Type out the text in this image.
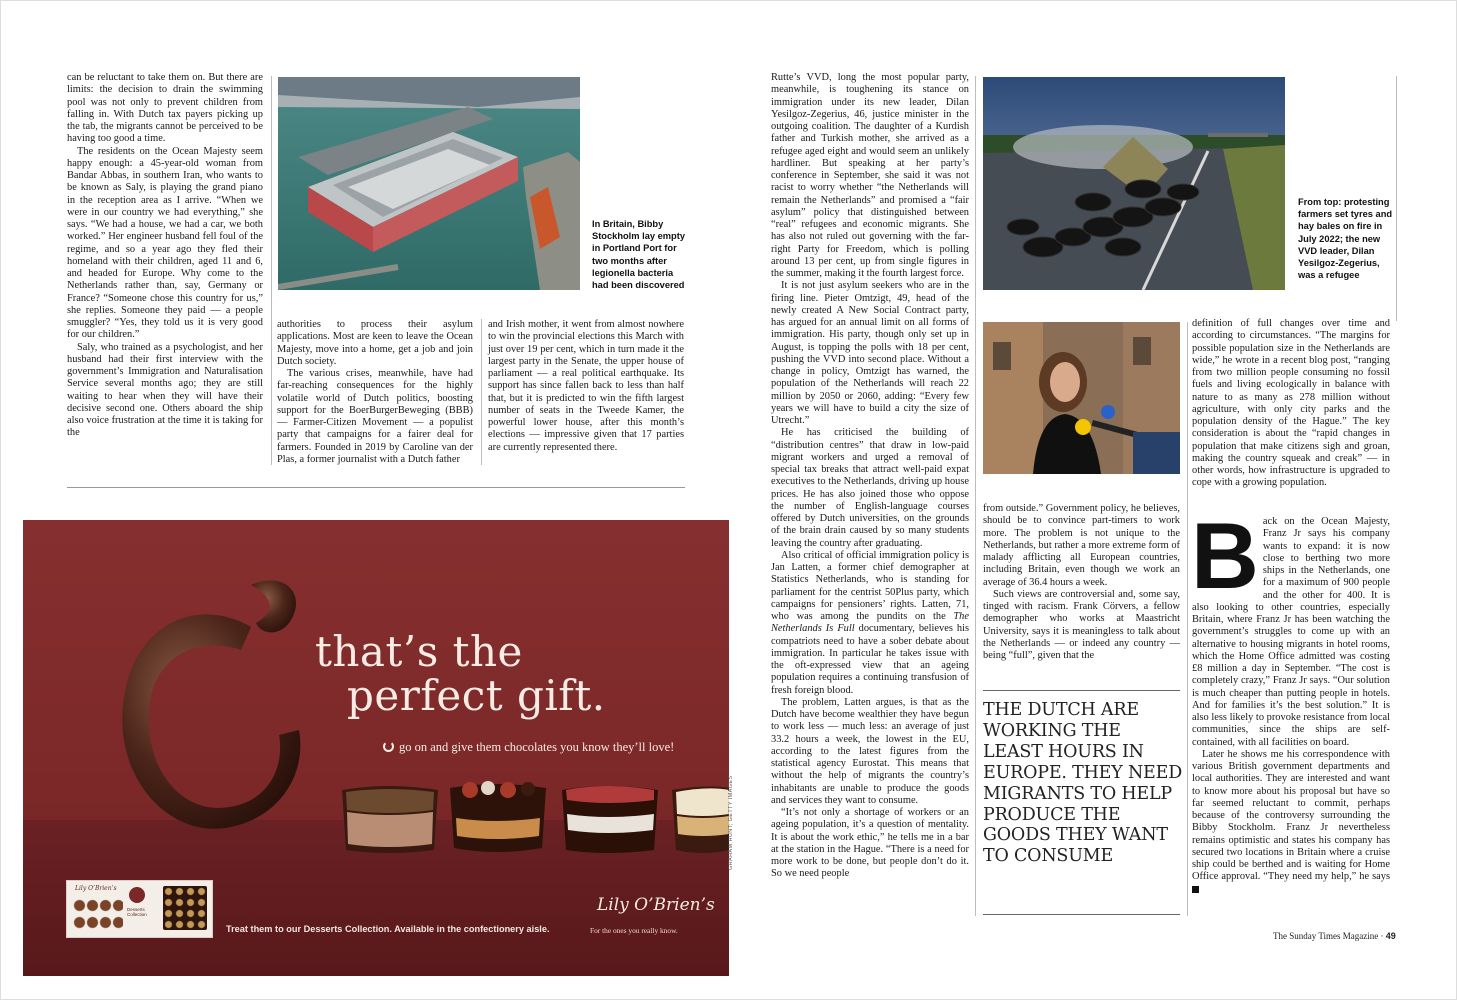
can be reluctant to take them on. But there are limits: the decision to drain the swimming pool was not only to prevent children from falling in. With Dutch tax payers picking up the tab, the migrants cannot be perceived to be having too good a time.

The residents on the Ocean Majesty seem happy enough: a 45-year-old woman from Bandar Abbas, in southern Iran, who wants to be known as Saly, is playing the grand piano in the reception area as I arrive. “When we were in our country we had everything,” she says. “We had a house, we had a car, we both worked.” Her engineer husband fell foul of the regime, and so a year ago they fled their homeland with their children, aged 11 and 6, and headed for Europe. Why come to the Netherlands rather than, say, Germany or France? “Someone chose this country for us,” she replies. Someone they paid — a people smuggler? “Yes, they told us it is very good for our children.”

Saly, who trained as a psychologist, and her husband had their first interview with the government’s Immigration and Naturalisation Service several months ago; they are still waiting to hear when they will have their decisive second one. Others aboard the ship also voice frustration at the time it is taking for the

In Britain, Bibby Stockholm lay empty in Portland Port for two months after legionella bacteria had been discovered

authorities to process their asylum applications. Most are keen to leave the Ocean Majesty, move into a home, get a job and join Dutch society.

The various crises, meanwhile, have had far-reaching consequences for the highly volatile world of Dutch politics, boosting support for the BoerBurgerBeweging (BBB) — Farmer-Citizen Movement — a populist party that campaigns for a fairer deal for farmers. Founded in 2019 by Caroline van der Plas, a former journalist with a Dutch father

and Irish mother, it went from almost nowhere to win the provincial elections this March with just over 19 per cent, which in turn made it the largest party in the Senate, the upper house of parliament — a real political earthquake. Its support has since fallen back to less than half that, but it is predicted to win the fifth largest number of seats in the Tweede Kamer, the powerful lower house, after this month’s elections — impressive given that 17 parties are currently represented there.

that’s the
perfect gift.
go on and give them chocolates you know they’ll love!
Lily O’Brien’s
Desserts Collection
Treat them to our Desserts Collection. Available in the confectionery aisle.
Lily O’Brien’s
For the ones you really know.
GRAHAM HUNT; GETTY IMAGES

Rutte’s VVD, long the most popular party, meanwhile, is toughening its stance on immigration under its new leader, Dilan Yesilgoz-Zegerius, 46, justice minister in the outgoing coalition. The daughter of a Kurdish father and Turkish mother, she arrived as a refugee aged eight and would seem an unlikely hardliner. But speaking at her party’s conference in September, she said it was not racist to worry whether “the Netherlands will remain the Netherlands” and promised a “fair asylum” policy that distinguished between “real” refugees and economic migrants. She has also not ruled out governing with the far-right Party for Freedom, which is polling around 13 per cent, up from single figures in the summer, making it the fourth largest force.

It is not just asylum seekers who are in the firing line. Pieter Omtzigt, 49, head of the newly created A New Social Contract party, has argued for an annual limit on all forms of immigration. His party, though only set up in August, is topping the polls with 18 per cent, pushing the VVD into second place. Without a change in policy, Omtzigt has warned, the population of the Netherlands will reach 22 million by 2050 or 2060, adding: “Every few years we will have to build a city the size of Utrecht.”

He has criticised the building of “distribution centres” that draw in low-paid migrant workers and urged a removal of special tax breaks that attract well-paid expat executives to the Netherlands, driving up house prices. He has also joined those who oppose the number of English-language courses offered by Dutch universities, on the grounds of the brain drain caused by so many students leaving the country after graduating.

Also critical of official immigration policy is Jan Latten, a former chief demographer at Statistics Netherlands, who is standing for parliament for the centrist 50Plus party, which campaigns for pensioners’ rights. Latten, 71, who was among the pundits on the The Netherlands Is Full documentary, believes his compatriots need to have a sober debate about immigration. In particular he takes issue with the oft-expressed view that an ageing population requires a continuing transfusion of fresh foreign blood.

The problem, Latten argues, is that as the Dutch have become wealthier they have begun to work less — much less: an average of just 33.2 hours a week, the lowest in the EU, according to the latest figures from the statistical agency Eurostat. This means that without the help of migrants the country’s inhabitants are unable to produce the goods and services they want to consume.

“It’s not only a shortage of workers or an ageing population, it’s a question of mentality. It is about the work ethic,” he tells me in a bar at the station in the Hague. “There is a need for more work to be done, but people don’t do it. So we need people

From top: protesting farmers set tyres and hay bales on fire in July 2022; the new VVD leader, Dilan Yesilgoz-Zegerius, was a refugee

from outside.” Government policy, he believes, should be to convince part-timers to work more. The problem is not unique to the Netherlands, but rather a more extreme form of malady afflicting all European countries, including Britain, even though we work an average of 36.4 hours a week.

Such views are controversial and, some say, tinged with racism. Frank Cörvers, a fellow demographer who works at Maastricht University, says it is meaningless to talk about the Netherlands — or indeed any country — being “full”, given that the

THE DUTCH ARE WORKING THE LEAST HOURS IN EUROPE. THEY NEED MIGRANTS TO HELP PRODUCE THE GOODS THEY WANT TO CONSUME

definition of full changes over time and according to circumstances. “The margins for possible population size in the Netherlands are wide,” he wrote in a recent blog post, “ranging from two million people consuming no fossil fuels and living ecologically in balance with nature to as many as 278 million without agriculture, with only city parks and the population density of the Hague.” The key consideration is about the “rapid changes in population that make citizens sigh and groan, making the country squeak and creak” — in other words, how infrastructure is upgraded to cope with a growing population.

Back on the Ocean Majesty, Franz Jr says his company wants to expand: it is now close to berthing two more ships in the Netherlands, one for a maximum of 900 people and the other for 400. It is also looking to other countries, especially Britain, where Franz Jr has been watching the government’s struggles to come up with an alternative to housing migrants in hotel rooms, which the Home Office admitted was costing £8 million a day in September. “The cost is completely crazy,” Franz Jr says. “Our solution is much cheaper than putting people in hotels. And for families it’s the best solution.” It is also less likely to provoke resistance from local communities, since the ships are self-contained, with all facilities on board.

Later he shows me his correspondence with various British government departments and local authorities. They are interested and want to know more about his proposal but have so far seemed reluctant to commit, perhaps because of the controversy surrounding the Bibby Stockholm. Franz Jr nevertheless remains optimistic and states his company has secured two locations in Britain where a cruise ship could be berthed and is waiting for Home Office approval. “They need my help,” he says

The Sunday Times Magazine · 49
